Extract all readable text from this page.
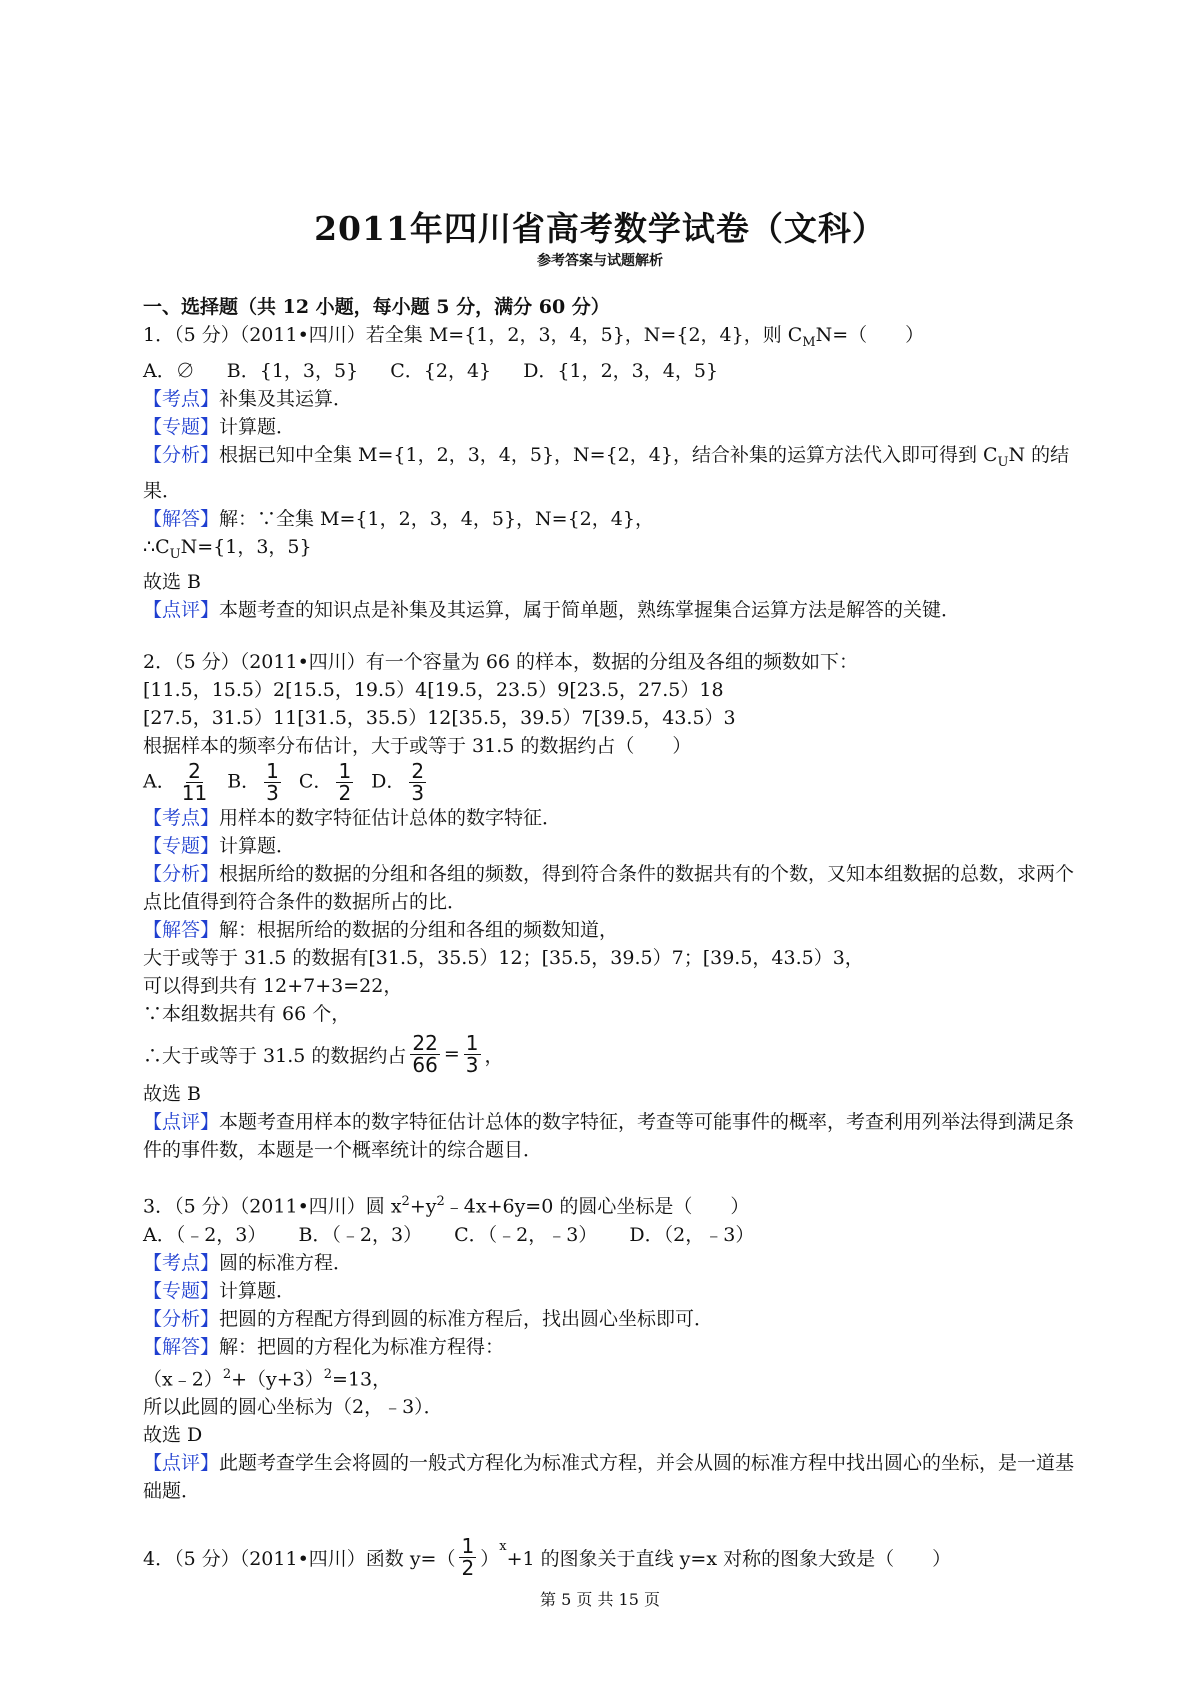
2011年四川省高考数学试卷（文科）
参考答案与试题解析
一、选择题（共 12 小题，每小题 5 分，满分 60 分）
1．（5 分）（2011•四川）若全集 M={1，2，3，4，5}，N={2，4}，则 $C_MN=$（　　）
A．∅ B．{1，3，5} C．{2，4} D．{1，2，3，4，5}
【考点】补集及其运算．
【专题】计算题．
【分析】根据已知中全集 M={1，2，3，4，5}，N={2，4}，结合补集的运算方法代入即可得到 $C_UN$ 的结果．
【解答】解：∵全集 M={1，2，3，4，5}，N={2，4}，
$\therefore C_UN=\{1$，3，5}
故选 B
【点评】本题考查的知识点是补集及其运算，属于简单题，熟练掌握集合运算方法是解答的关键．
2．（5 分）（2011•四川）有一个容量为 66 的样本，数据的分组及各组的频数如下：
[11.5，15.5）2[15.5，19.5）4[19.5，23.5）9[23.5，27.5）18
[27.5，31.5）11[31.5，35.5）12[35.5，39.5）7[39.5，43.5）3
根据样本的频率分布估计，大于或等于 31.5 的数据约占（　　）
A． $\frac{2}{11}$ B． $\frac{1}{3}$ C． $\frac{1}{2}$ D． $\frac{2}{3}$
【考点】用样本的数字特征估计总体的数字特征．
【专题】计算题．
【分析】根据所给的数据的分组和各组的频数，得到符合条件的数据共有的个数，又知本组数据的总数，求两个点比值得到符合条件的数据所占的比．
【解答】解：根据所给的数据的分组和各组的频数知道，
大于或等于 31.5 的数据有[31.5，35.5）12；[35.5，39.5）7；[39.5，43.5）3，
可以得到共有 12+7+3=22，
∵本组数据共有 66 个，
∴大于或等于 31.5 的数据约占 $\frac{22}{66} = \frac{1}{3}$ ，
故选 B
【点评】本题考查用样本的数字特征估计总体的数字特征，考查等可能事件的概率，考查利用列举法得到满足条件的事件数，本题是一个概率统计的综合题目．
3．（5 分）（2011•四川）圆 $x^2+y^2﹣4x+6y=0$ 的圆心坐标是（　　）
A．（﹣2，3） B．（﹣2，3） C．（﹣2，﹣3） D．（2，﹣3）
【考点】圆的标准方程．
【专题】计算题．
【分析】把圆的方程配方得到圆的标准方程后，找出圆心坐标即可．
【解答】解：把圆的方程化为标准方程得：
$(x﹣2)^2+(y+3)^2=13$，
所以此圆的圆心坐标为（2，﹣3）．
故选 D
【点评】此题考查学生会将圆的一般式方程化为标准式方程，并会从圆的标准方程中找出圆心的坐标，是一道基础题．
4．（5 分）（2011•四川）函数 $y=( \frac{1}{2}$ ）
$^x$
+1 的图象关于直线 y=x 对称的图象大致是（　　）
第 5 页 共 15 页
